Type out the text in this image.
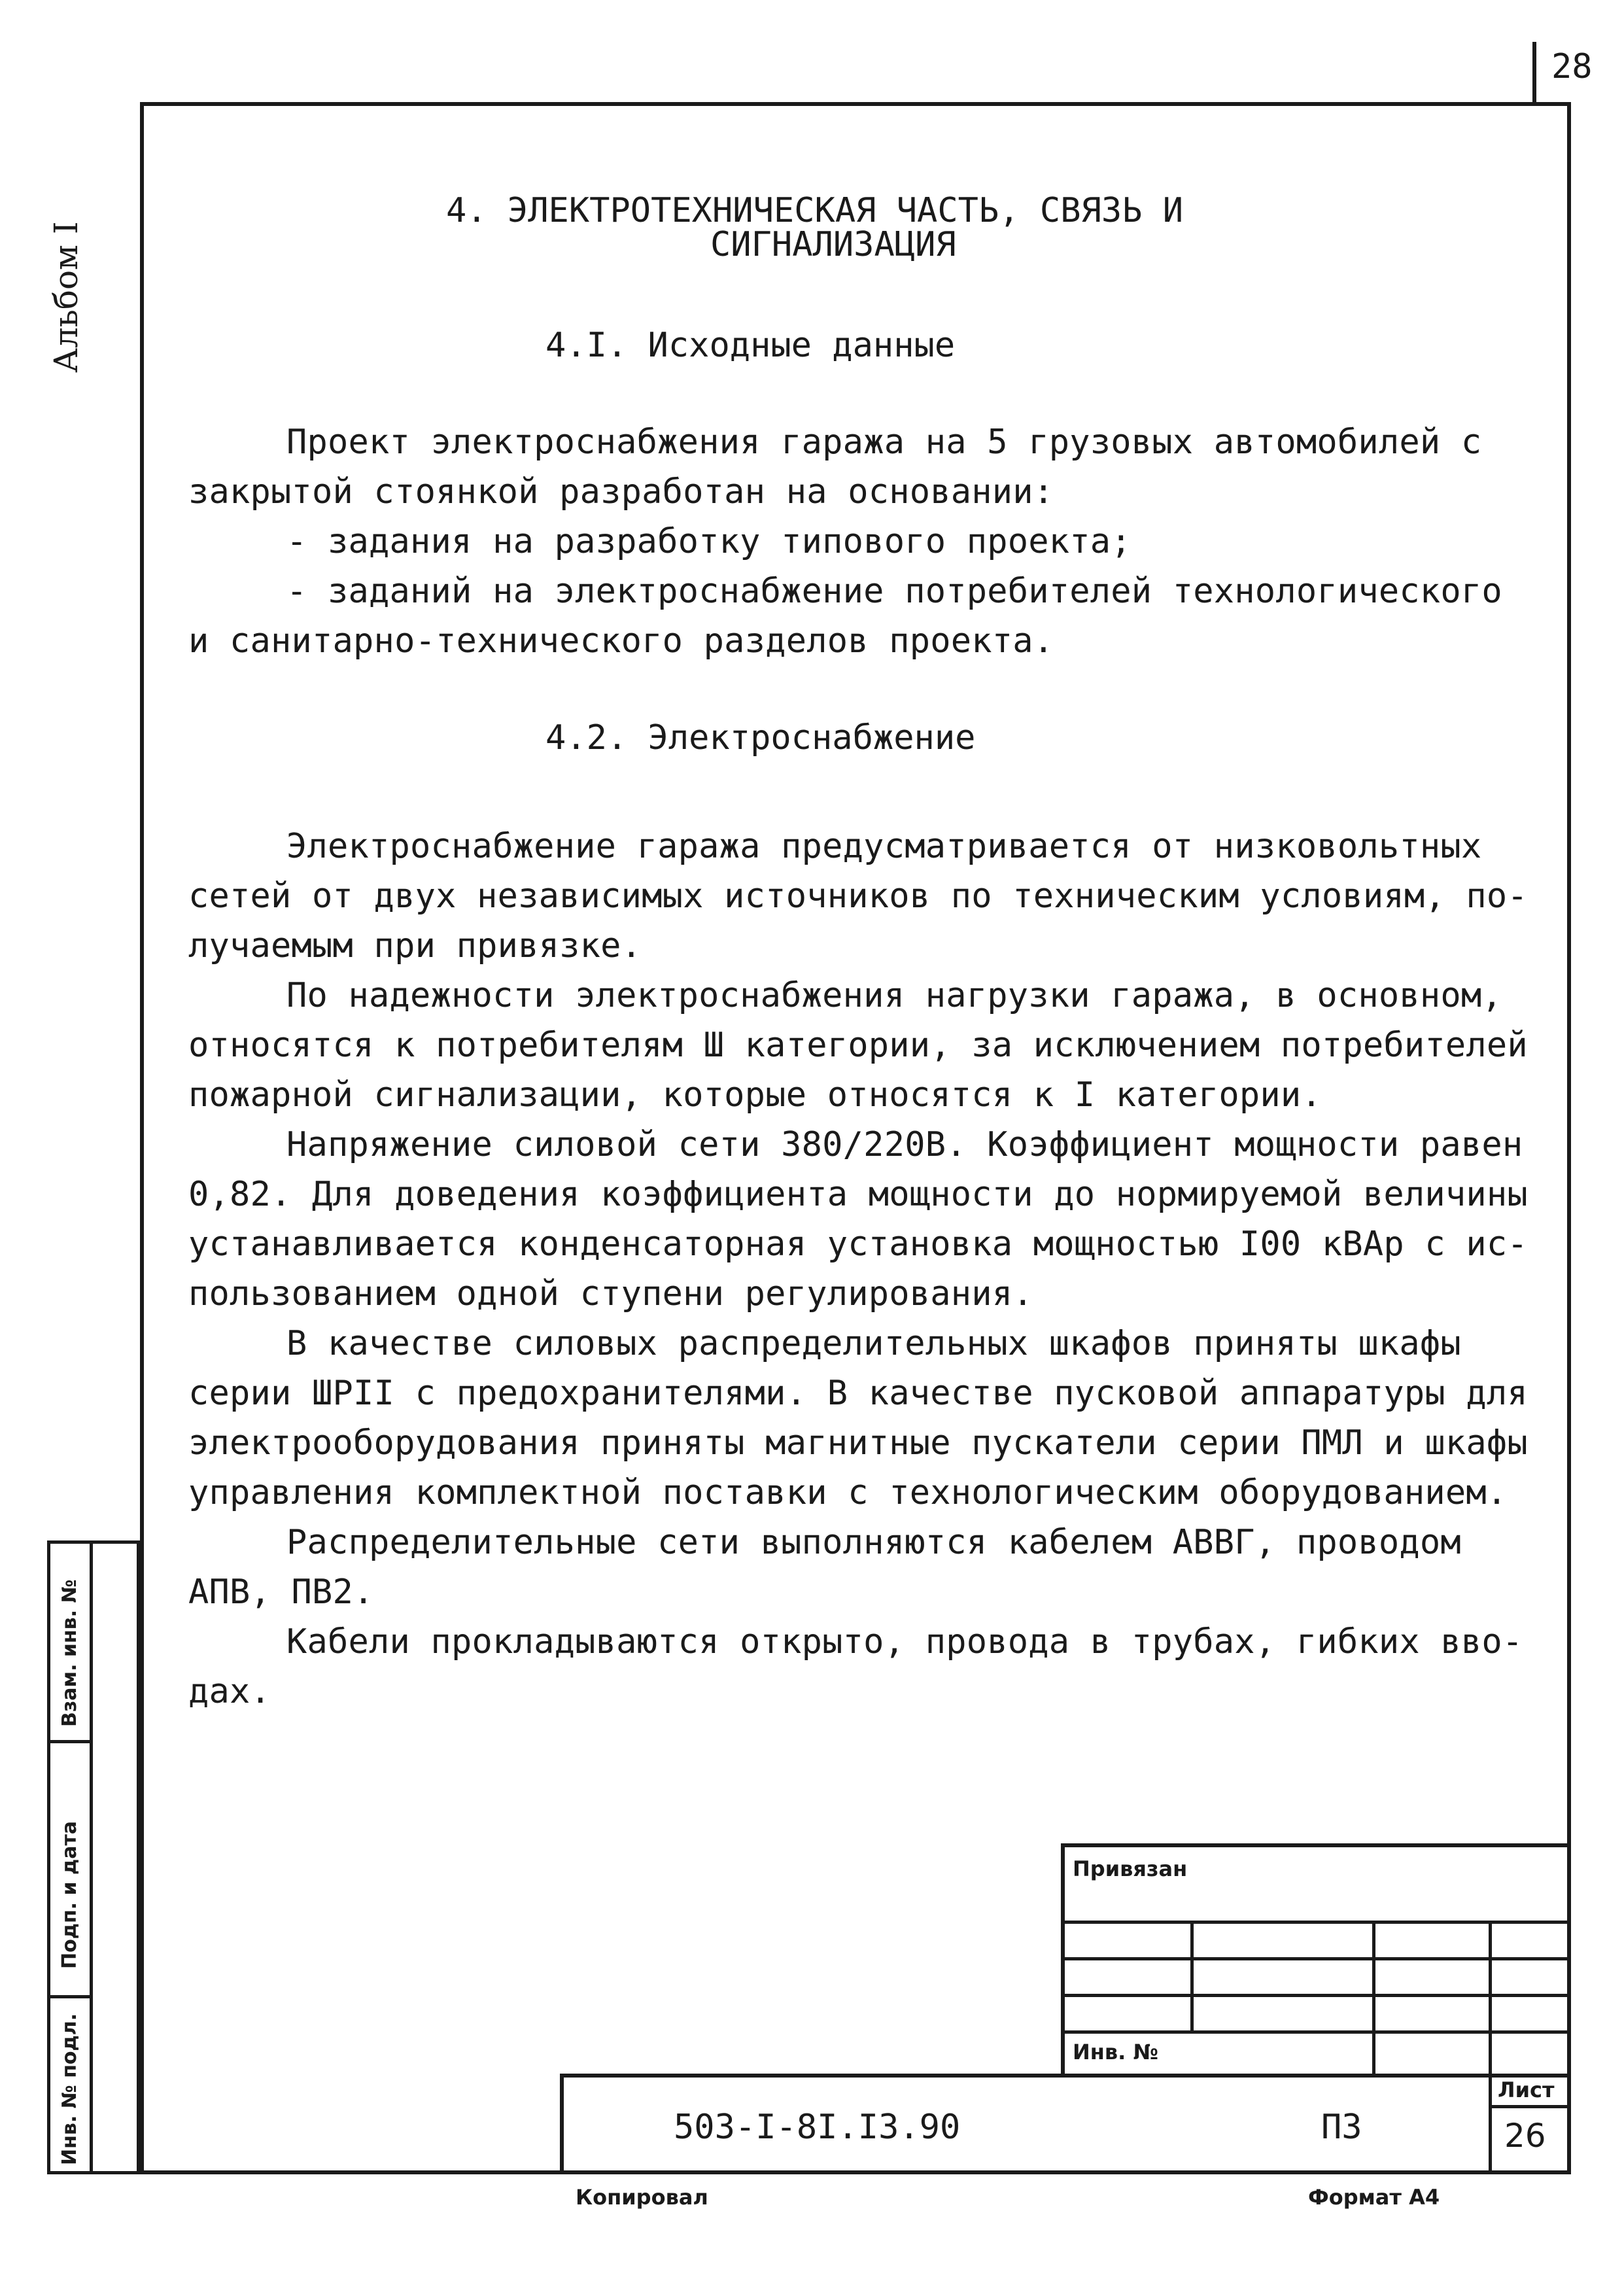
28
Альбом I
4. ЭЛЕКТРОТЕХНИЧЕСКАЯ ЧАСТЬ, СВЯЗЬ И
СИГНАЛИЗАЦИЯ
4.I. Исходные данные
Проект электроснабжения гаража на 5 грузовых автомобилей с
закрытой стоянкой разработан на основании:
- задания на разработку типового проекта;
- заданий на электроснабжение потребителей технологического
и санитарно-технического разделов проекта.
4.2. Электроснабжение
Электроснабжение гаража предусматривается от низковольтных
сетей от двух независимых источников по техническим условиям, по-
лучаемым при привязке.
По надежности электроснабжения нагрузки гаража, в основном,
относятся к потребителям Ш категории, за исключением потребителей
пожарной сигнализации, которые относятся к I категории.
Напряжение силовой сети 380/220В. Коэффициент мощности равен
0,82. Для доведения коэффициента мощности до нормируемой величины
устанавливается конденсаторная установка мощностью I00 кВАр с ис-
пользованием одной ступени регулирования.
В качестве силовых распределительных шкафов приняты шкафы
серии ШРII с предохранителями. В качестве пусковой аппаратуры для
электрооборудования приняты магнитные пускатели серии ПМЛ и шкафы
управления комплектной поставки с технологическим оборудованием.
Распределительные сети выполняются кабелем АВВГ, проводом
АПВ, ПВ2.
Кабели прокладываются открыто, провода в трубах, гибких вво-
дах.
Взам. инв. №
Подп. и дата
Инв. № подл.
Привязан
Инв. №
503-I-8I.I3.90	ПЗ
Лист
26
Копировал	Формат А4
